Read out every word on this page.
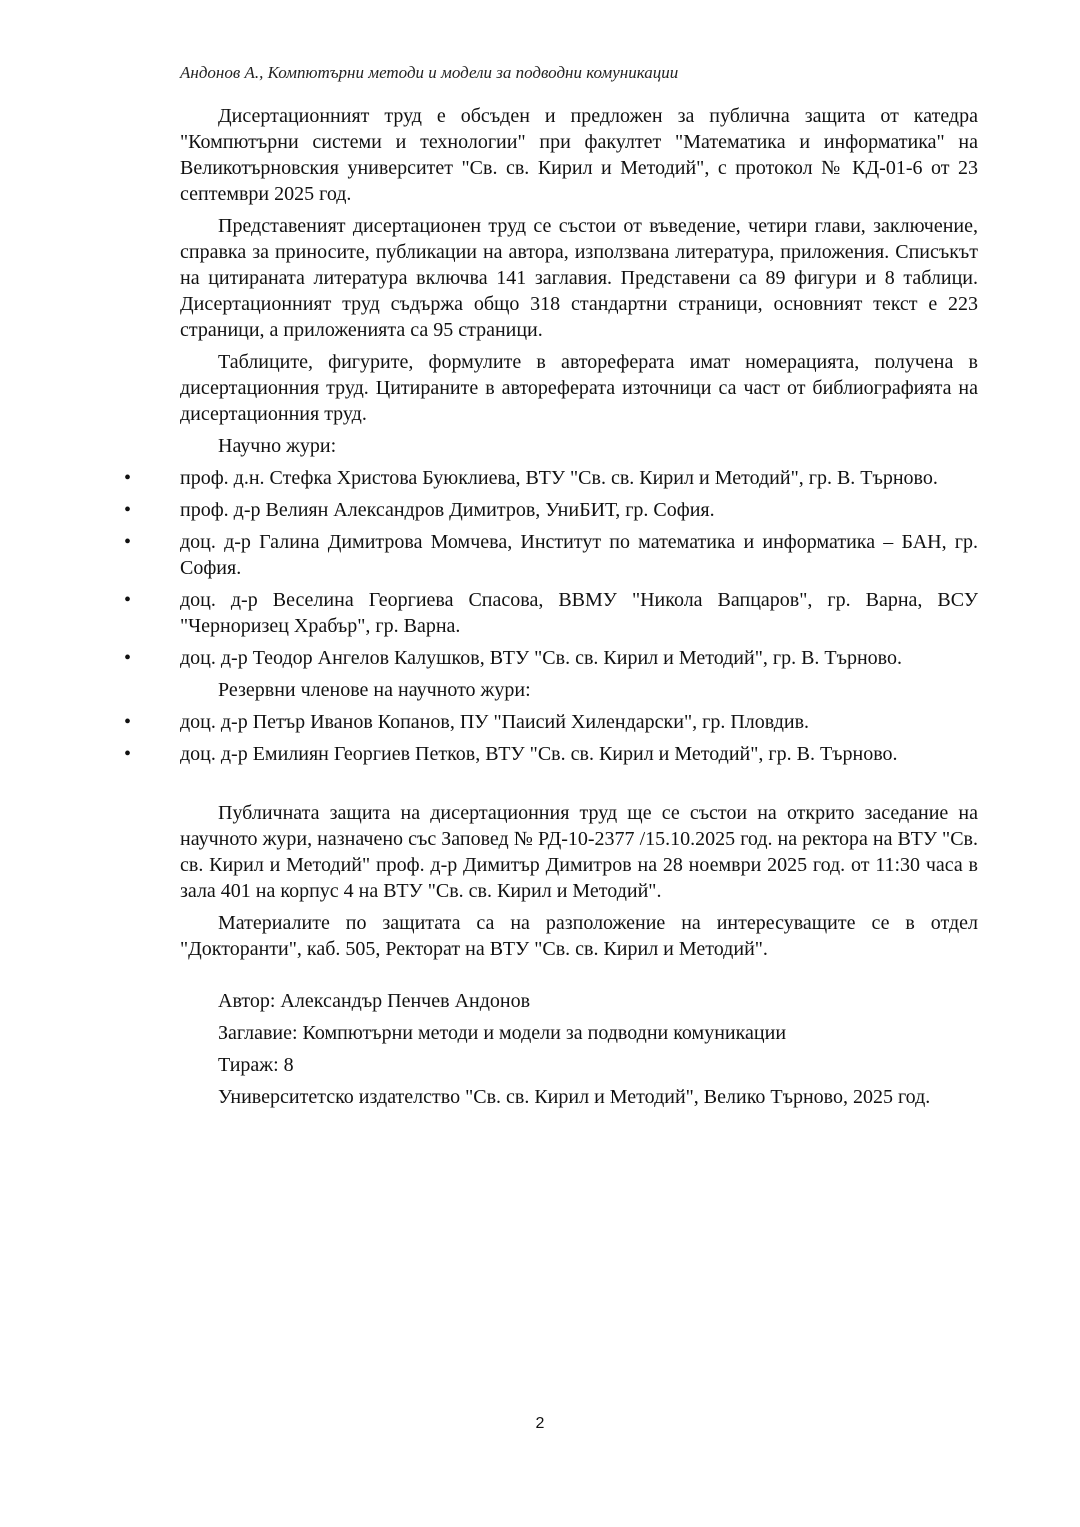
Андонов А., Компютърни методи и модели за подводни комуникации

Дисертационният труд е обсъден и предложен за публична защита от катедра "Компютърни системи и технологии" при факултет "Математика и информатика" на Великотърновския университет "Св. св. Кирил и Методий", с протокол № КД-01-6 от 23 септември 2025 год.

Представеният дисертационен труд се състои от въведение, четири глави, заключение, справка за приносите, публикации на автора, използвана литература, приложения. Списъкът на цитираната литература включва 141 заглавия. Представени са 89 фигури и 8 таблици. Дисертационният труд съдържа общо 318 стандартни страници, основният текст е 223 страници, а приложенията са 95 страници.

Таблиците, фигурите, формулите в автореферата имат номерацията, получена в дисертационния труд. Цитираните в автореферата източници са част от библиографията на дисертационния труд.

Научно жури:

• проф. д.н. Стефка Христова Буюклиева, ВТУ "Св. св. Кирил и Методий", гр. В. Търново.
• проф. д-р Велиян Александров Димитров, УниБИТ, гр. София.
• доц. д-р Галина Димитрова Момчева, Институт по математика и информатика – БАН, гр. София.
• доц. д-р Веселина Георгиева Спасова, ВВМУ "Никола Вапцаров", гр. Варна, ВСУ "Черноризец Храбър", гр. Варна.
• доц. д-р Теодор Ангелов Калушков, ВТУ "Св. св. Кирил и Методий", гр. В. Търново.

Резервни членове на научното жури:

• доц. д-р Петър Иванов Копанов, ПУ "Паисий Хилендарски", гр. Пловдив.
• доц. д-р Емилиян Георгиев Петков, ВТУ "Св. св. Кирил и Методий", гр. В. Търново.

Публичната защита на дисертационния труд ще се състои на открито заседание на научното жури, назначено със Заповед № РД-10-2377 /15.10.2025 год. на ректора на ВТУ "Св. св. Кирил и Методий" проф. д-р Димитър Димитров на 28 ноември 2025 год. от 11:30 часа в зала 401 на корпус 4 на ВТУ "Св. св. Кирил и Методий".

Материалите по защитата са на разположение на интересуващите се в отдел "Докторанти", каб. 505, Ректорат на ВТУ "Св. св. Кирил и Методий".

Автор: Александър Пенчев Андонов

Заглавие: Компютърни методи и модели за подводни комуникации

Тираж: 8

Университетско издателство "Св. св. Кирил и Методий", Велико Търново, 2025 год.

2
